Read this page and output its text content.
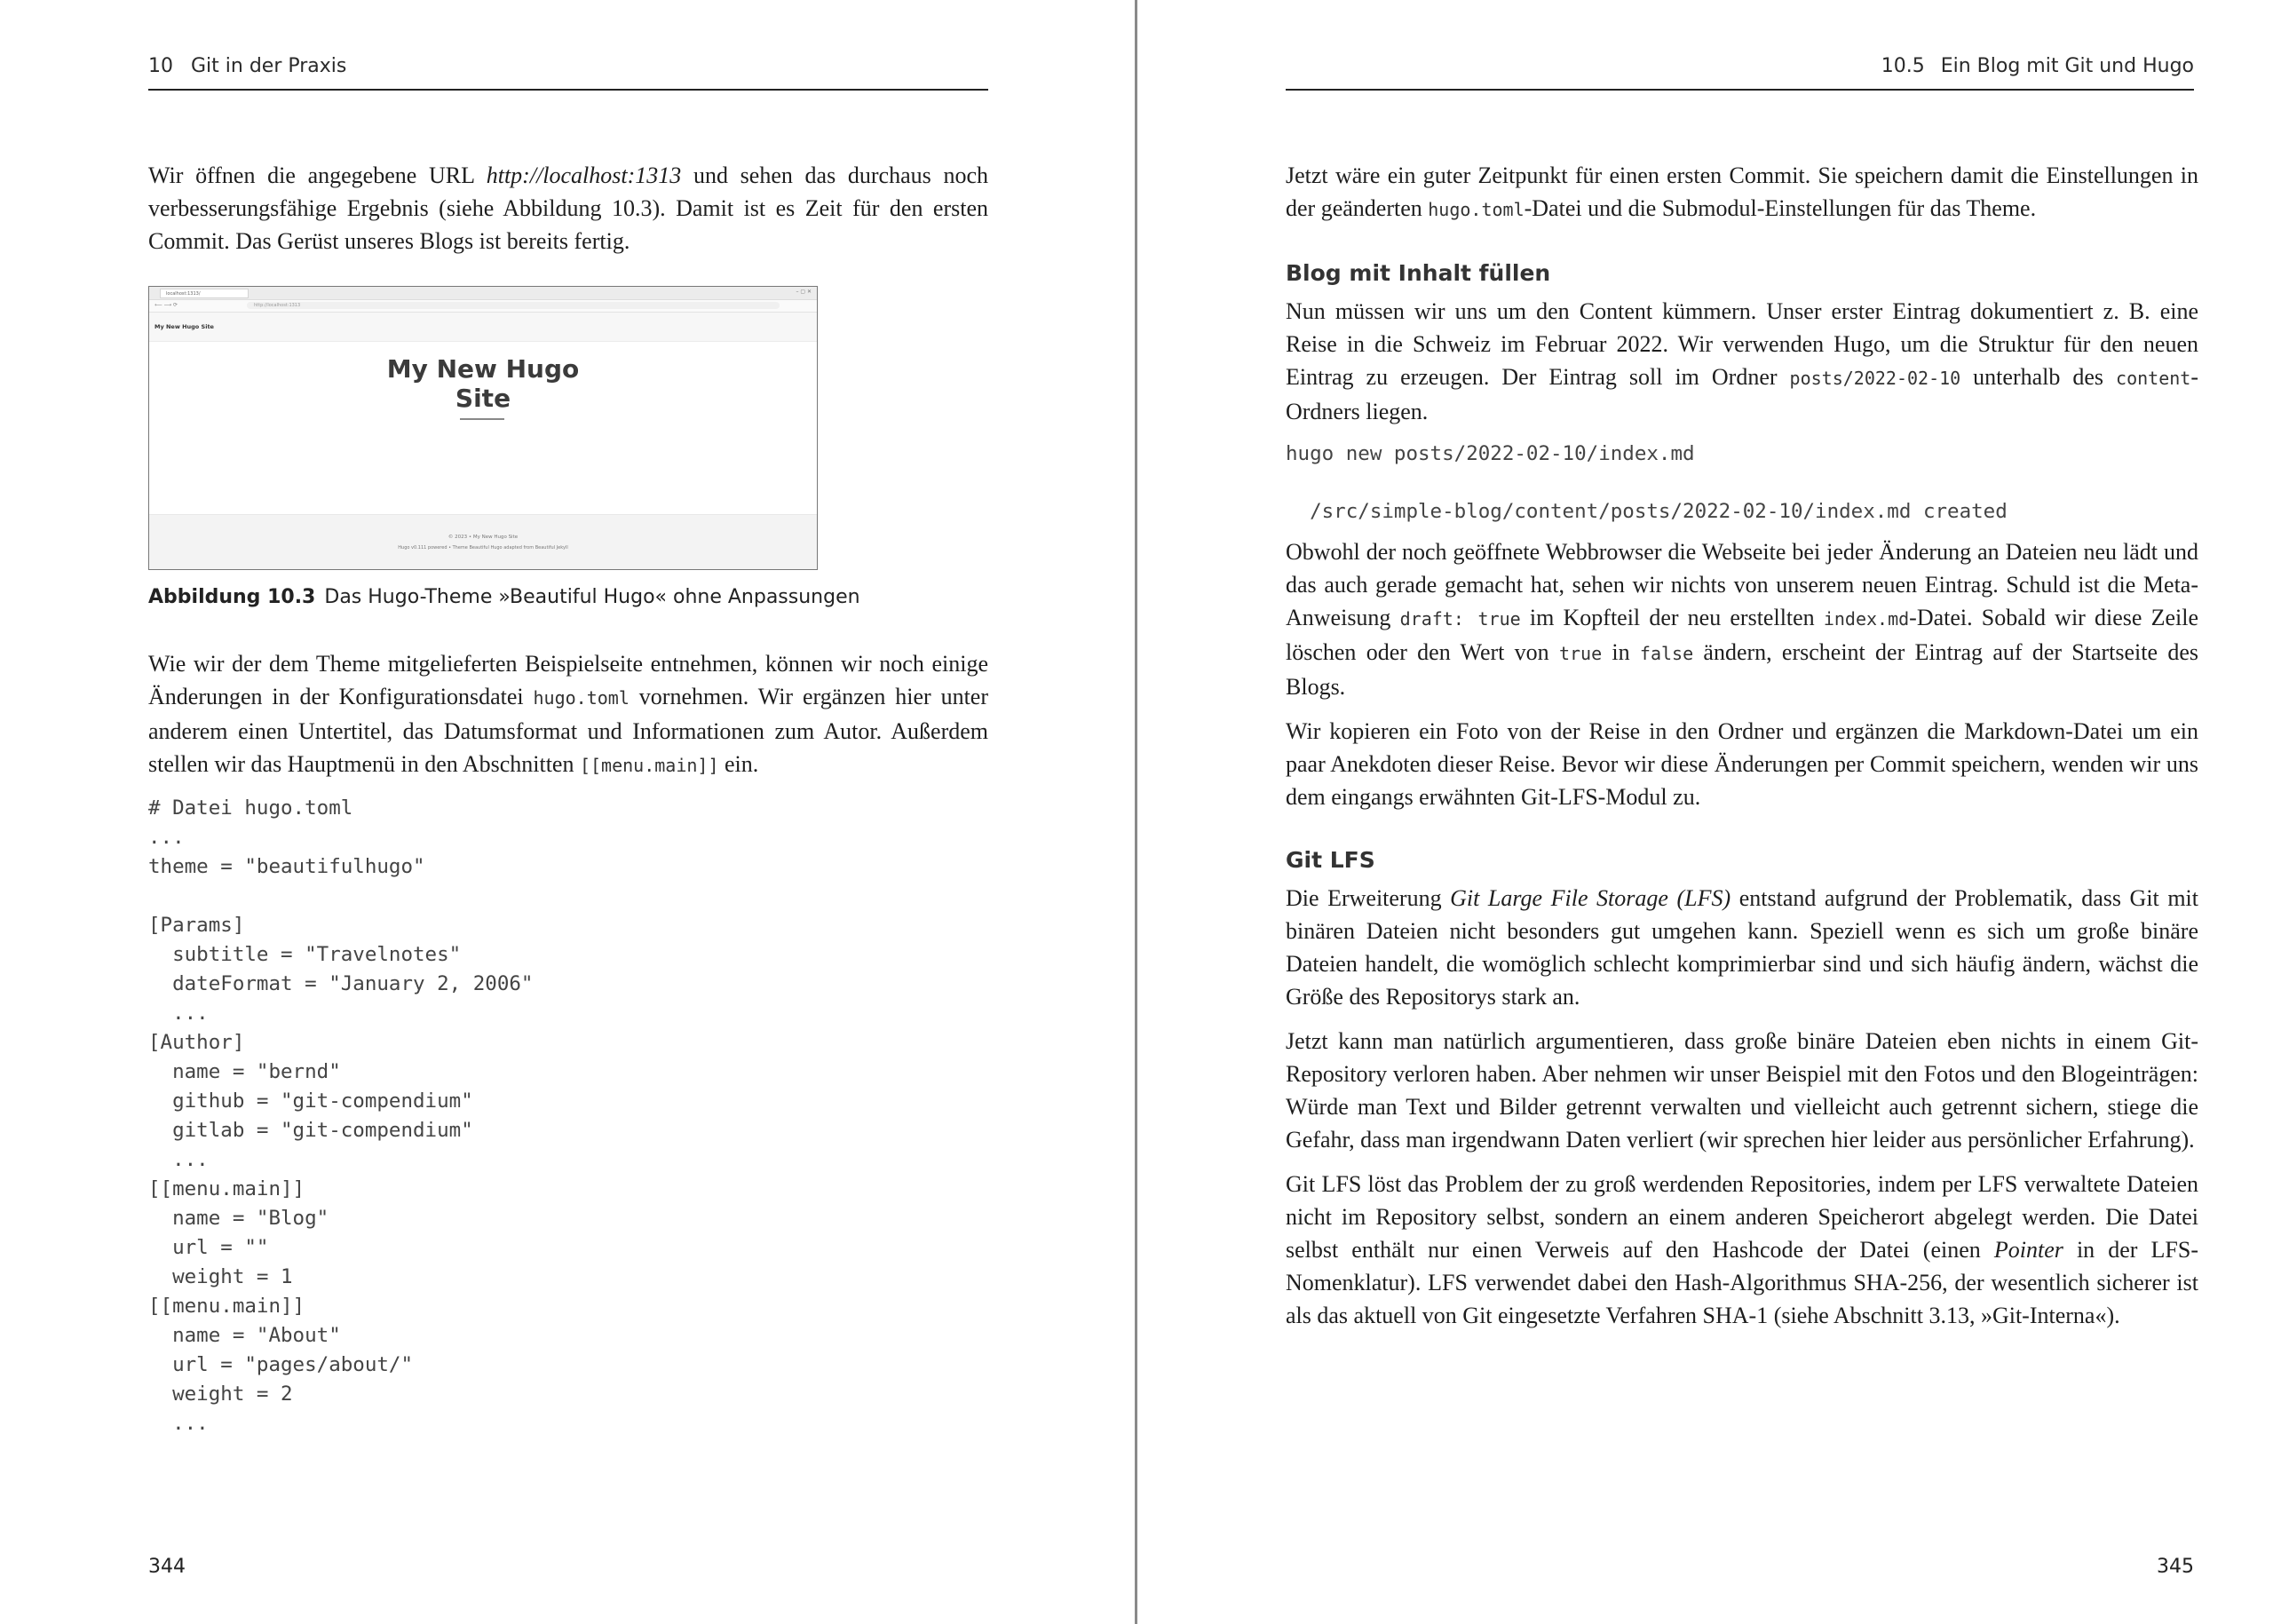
10 Git in der Praxis

Wir öffnen die angegebene URL http://localhost:1313 und sehen das durchaus noch verbesserungsfähige Ergebnis (siehe Abbildung 10.3). Damit ist es Zeit für den ersten Commit. Das Gerüst unseres Blogs ist bereits fertig.

localhost:1313/	– ▢ ✕
⟵ ⟶ ⟳	http://localhost:1313
My New Hugo Site
My New Hugo
Site
© 2023 • My New Hugo Site
Hugo v0.111 powered • Theme Beautiful Hugo adapted from Beautiful Jekyll
Abbildung 10.3 Das Hugo-Theme »Beautiful Hugo« ohne Anpassungen

Wie wir der dem Theme mitgelieferten Beispielseite entnehmen, können wir noch einige Änderungen in der Konfigurationsdatei hugo.toml vornehmen. Wir ergänzen hier unter anderem einen Untertitel, das Datumsformat und Informationen zum Autor. Außerdem stellen wir das Hauptmenü in den Abschnitten [[menu.main]] ein.

# Datei hugo.toml
...
theme = "beautifulhugo"

[Params]
subtitle = "Travelnotes"
dateFormat = "January 2, 2006"
...
[Author]
name = "bernd"
github = "git-compendium"
gitlab = "git-compendium"
...
[[menu.main]]
name = "Blog"
url = ""
weight = 1
[[menu.main]]
name = "About"
url = "pages/about/"
weight = 2
...
344
10.5 Ein Blog mit Git und Hugo

Jetzt wäre ein guter Zeitpunkt für einen ersten Commit. Sie speichern damit die Einstellungen in der geänderten hugo.toml-Datei und die Submodul-Einstellungen für das Theme.

Blog mit Inhalt füllen

Nun müssen wir uns um den Content kümmern. Unser erster Eintrag dokumentiert z. B. eine Reise in die Schweiz im Februar 2022. Wir verwenden Hugo, um die Struktur für den neuen Eintrag zu erzeugen. Der Eintrag soll im Ordner posts/2022-02-10 unterhalb des content-Ordners liegen.

hugo new posts/2022-02-10/index.md
/src/simple-blog/content/posts/2022-02-10/index.md created

Obwohl der noch geöffnete Webbrowser die Webseite bei jeder Änderung an Dateien neu lädt und das auch gerade gemacht hat, sehen wir nichts von unserem neuen Eintrag. Schuld ist die Meta-Anweisung draft: true im Kopfteil der neu erstellten index.md-Datei. Sobald wir diese Zeile löschen oder den Wert von true in false ändern, erscheint der Eintrag auf der Startseite des Blogs.

Wir kopieren ein Foto von der Reise in den Ordner und ergänzen die Markdown-Datei um ein paar Anekdoten dieser Reise. Bevor wir diese Änderungen per Commit speichern, wenden wir uns dem eingangs erwähnten Git-LFS-Modul zu.

Git LFS

Die Erweiterung Git Large File Storage (LFS) entstand aufgrund der Problematik, dass Git mit binären Dateien nicht besonders gut umgehen kann. Speziell wenn es sich um große binäre Dateien handelt, die womöglich schlecht komprimierbar sind und sich häufig ändern, wächst die Größe des Repositorys stark an.

Jetzt kann man natürlich argumentieren, dass große binäre Dateien eben nichts in einem Git-Repository verloren haben. Aber nehmen wir unser Beispiel mit den Fotos und den Blogeinträgen: Würde man Text und Bilder getrennt verwalten und vielleicht auch getrennt sichern, stiege die Gefahr, dass man irgendwann Daten verliert (wir sprechen hier leider aus persönlicher Erfahrung).

Git LFS löst das Problem der zu groß werdenden Repositories, indem per LFS verwaltete Dateien nicht im Repository selbst, sondern an einem anderen Speicherort abgelegt werden. Die Datei selbst enthält nur einen Verweis auf den Hashcode der Datei (einen Pointer in der LFS-Nomenklatur). LFS verwendet dabei den Hash-Algorithmus SHA-256, der wesentlich sicherer ist als das aktuell von Git eingesetzte Verfahren SHA-1 (siehe Abschnitt 3.13, »Git-Interna«).

345
